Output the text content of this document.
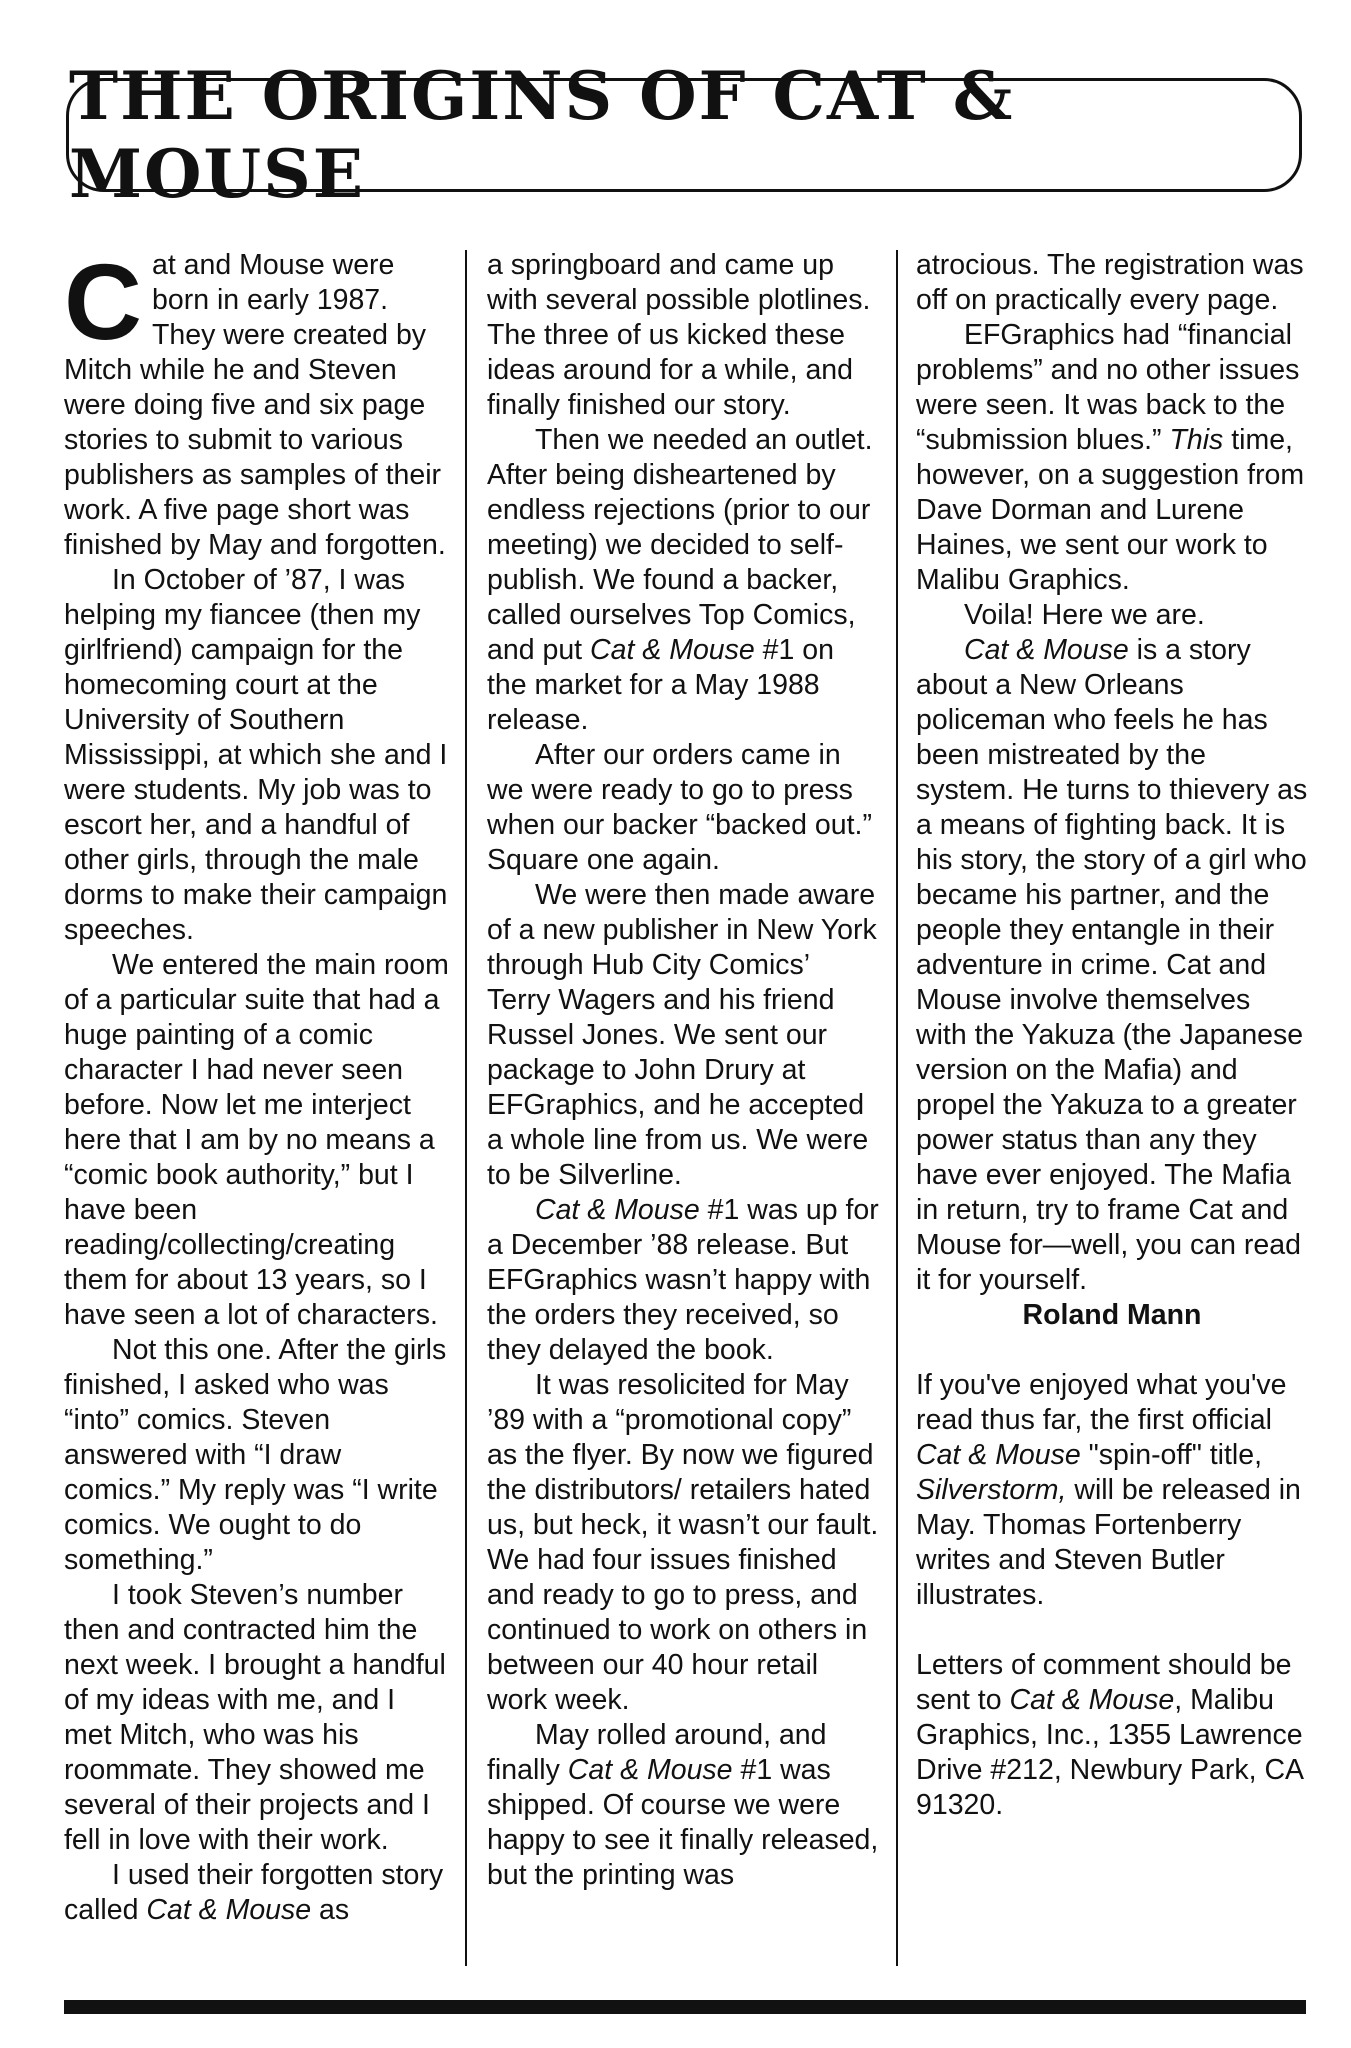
THE ORIGINS OF CAT & MOUSE

Cat and Mouse were born in early 1987. They were created by Mitch while he and Steven were doing five and six page stories to submit to various publishers as samples of their work. A five page short was finished by May and forgotten.

In October of ’87, I was helping my fiancee (then my girlfriend) campaign for the homecoming court at the University of Southern Mississippi, at which she and I were students. My job was to escort her, and a handful of other girls, through the male dorms to make their campaign speeches.

We entered the main room of a particular suite that had a huge painting of a comic character I had never seen before. Now let me interject here that I am by no means a “comic book authority,” but I have been reading/collecting/creating them for about 13 years, so I have seen a lot of characters.

Not this one. After the girls finished, I asked who was “into” comics. Steven answered with “I draw comics.” My reply was “I write comics. We ought to do something.”

I took Steven’s number then and contracted him the next week. I brought a handful of my ideas with me, and I met Mitch, who was his roommate. They showed me several of their projects and I fell in love with their work.

I used their forgotten story called Cat & Mouse as

a springboard and came up with several possible plotlines. The three of us kicked these ideas around for a while, and finally finished our story.

Then we needed an outlet. After being disheartened by endless rejections (prior to our meeting) we decided to self-publish. We found a backer, called ourselves Top Comics, and put Cat & Mouse #1 on the market for a May 1988 release.

After our orders came in we were ready to go to press when our backer “backed out.” Square one again.

We were then made aware of a new publisher in New York through Hub City Comics’ Terry Wagers and his friend Russel Jones. We sent our package to John Drury at EFGraphics, and he accepted a whole line from us. We were to be Silverline.

Cat & Mouse #1 was up for a December ’88 release. But EFGraphics wasn’t happy with the orders they received, so they delayed the book.

It was resolicited for May ’89 with a “promotional copy” as the flyer. By now we figured the distributors/ retailers hated us, but heck, it wasn’t our fault. We had four issues finished and ready to go to press, and continued to work on others in between our 40 hour retail work week.

May rolled around, and finally Cat & Mouse #1 was shipped. Of course we were happy to see it finally released, but the printing was

atrocious. The registration was off on practically every page.

EFGraphics had “financial problems” and no other issues were seen. It was back to the “submission blues.” This time, however, on a suggestion from Dave Dorman and Lurene Haines, we sent our work to Malibu Graphics.

Voila! Here we are.

Cat & Mouse is a story about a New Orleans policeman who feels he has been mistreated by the system. He turns to thievery as a means of fighting back. It is his story, the story of a girl who became his partner, and the people they entangle in their adventure in crime. Cat and Mouse involve themselves with the Yakuza (the Japanese version on the Mafia) and propel the Yakuza to a greater power status than any they have ever enjoyed. The Mafia in return, try to frame Cat and Mouse for—well, you can read it for yourself.

Roland Mann

If you've enjoyed what you've read thus far, the first official Cat & Mouse "spin-off" title, Silverstorm, will be released in May. Thomas Fortenberry writes and Steven Butler illustrates.

Letters of comment should be sent to Cat & Mouse, Malibu Graphics, Inc., 1355 Lawrence Drive #212, Newbury Park, CA 91320.
